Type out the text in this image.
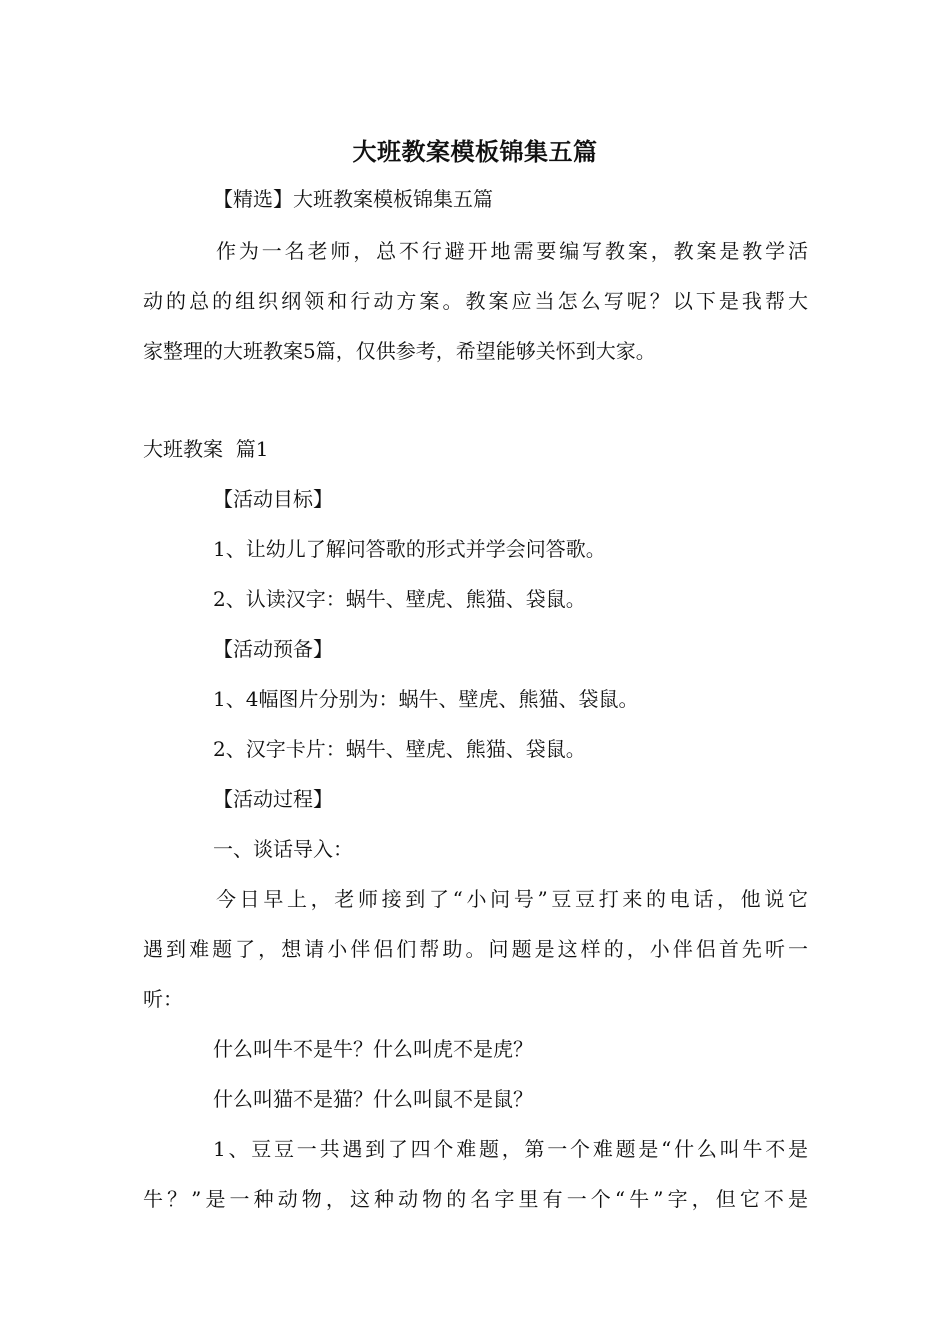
大班教案模板锦集五篇
【精选】大班教案模板锦集五篇
作为一名老师，总不行避开地需要编写教案，教案是教学活
动的总的组织纲领和行动方案。教案应当怎么写呢？以下是我帮大
家整理的大班教案5篇，仅供参考，希望能够关怀到大家。
大班教案  篇1
【活动目标】
1、让幼儿了解问答歌的形式并学会问答歌。
2、认读汉字：蜗牛、壁虎、熊猫、袋鼠。
【活动预备】
1、4幅图片分别为：蜗牛、壁虎、熊猫、袋鼠。
2、汉字卡片：蜗牛、壁虎、熊猫、袋鼠。
【活动过程】
一、谈话导入：
今日早上，老师接到了“小问号”豆豆打来的电话，他说它
遇到难题了，想请小伴侣们帮助。问题是这样的，小伴侣首先听一
听：
什么叫牛不是牛？什么叫虎不是虎？
什么叫猫不是猫？什么叫鼠不是鼠？
1、豆豆一共遇到了四个难题，第一个难题是“什么叫牛不是
牛？”是一种动物，这种动物的名字里有一个“牛”字，但它不是
